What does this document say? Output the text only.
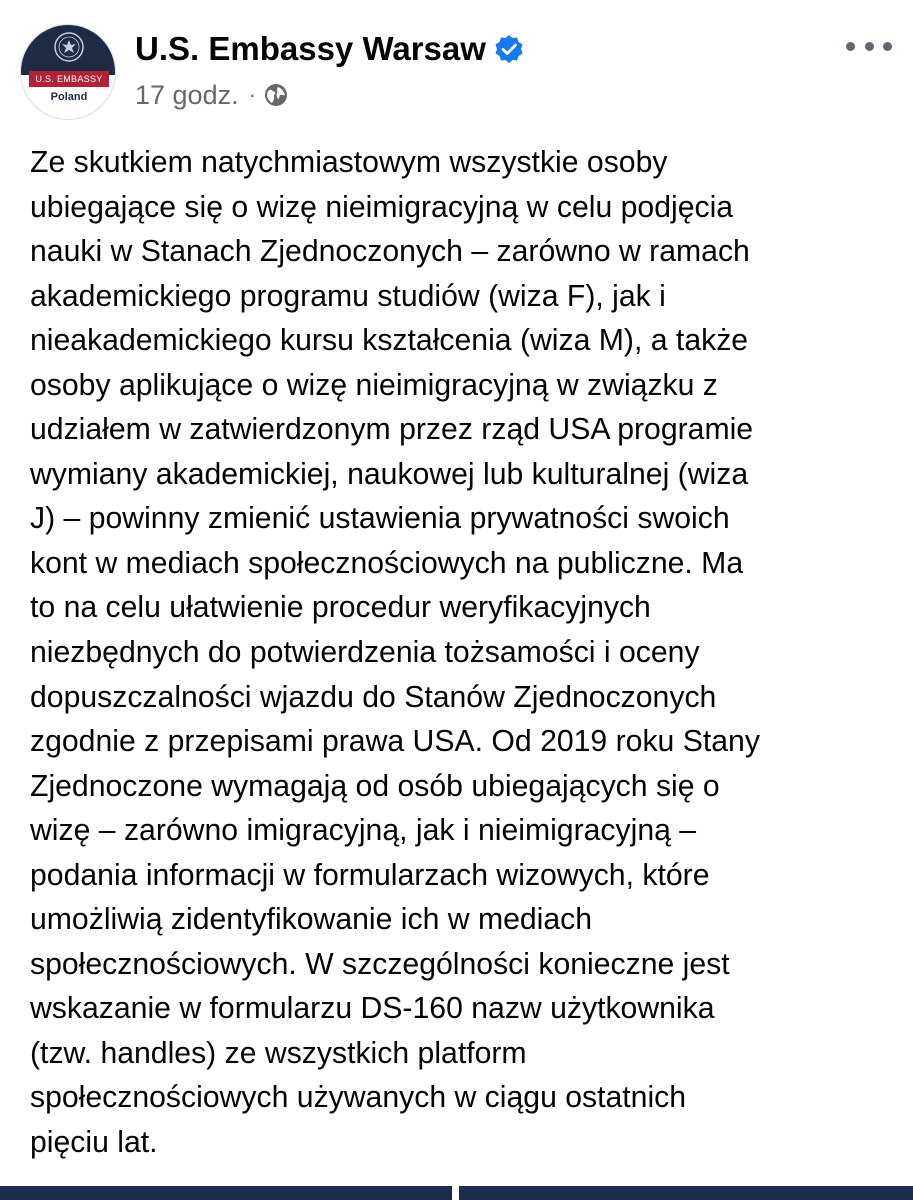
U.S. EMBASSY
Poland
U.S. Embassy Warsaw
17 godz. ·
Ze skutkiem natychmiastowym wszystkie osoby
ubiegające się o wizę nieimigracyjną w celu podjęcia
nauki w Stanach Zjednoczonych – zarówno w ramach
akademickiego programu studiów (wiza F), jak i
nieakademickiego kursu kształcenia (wiza M), a także
osoby aplikujące o wizę nieimigracyjną w związku z
udziałem w zatwierdzonym przez rząd USA programie
wymiany akademickiej, naukowej lub kulturalnej (wiza
J) – powinny zmienić ustawienia prywatności swoich
kont w mediach społecznościowych na publiczne. Ma
to na celu ułatwienie procedur weryfikacyjnych
niezbędnych do potwierdzenia tożsamości i oceny
dopuszczalności wjazdu do Stanów Zjednoczonych
zgodnie z przepisami prawa USA. Od 2019 roku Stany
Zjednoczone wymagają od osób ubiegających się o
wizę – zarówno imigracyjną, jak i nieimigracyjną –
podania informacji w formularzach wizowych, które
umożliwią zidentyfikowanie ich w mediach
społecznościowych. W szczególności konieczne jest
wskazanie w formularzu DS-160 nazw użytkownika
(tzw. handles) ze wszystkich platform
społecznościowych używanych w ciągu ostatnich
pięciu lat.
